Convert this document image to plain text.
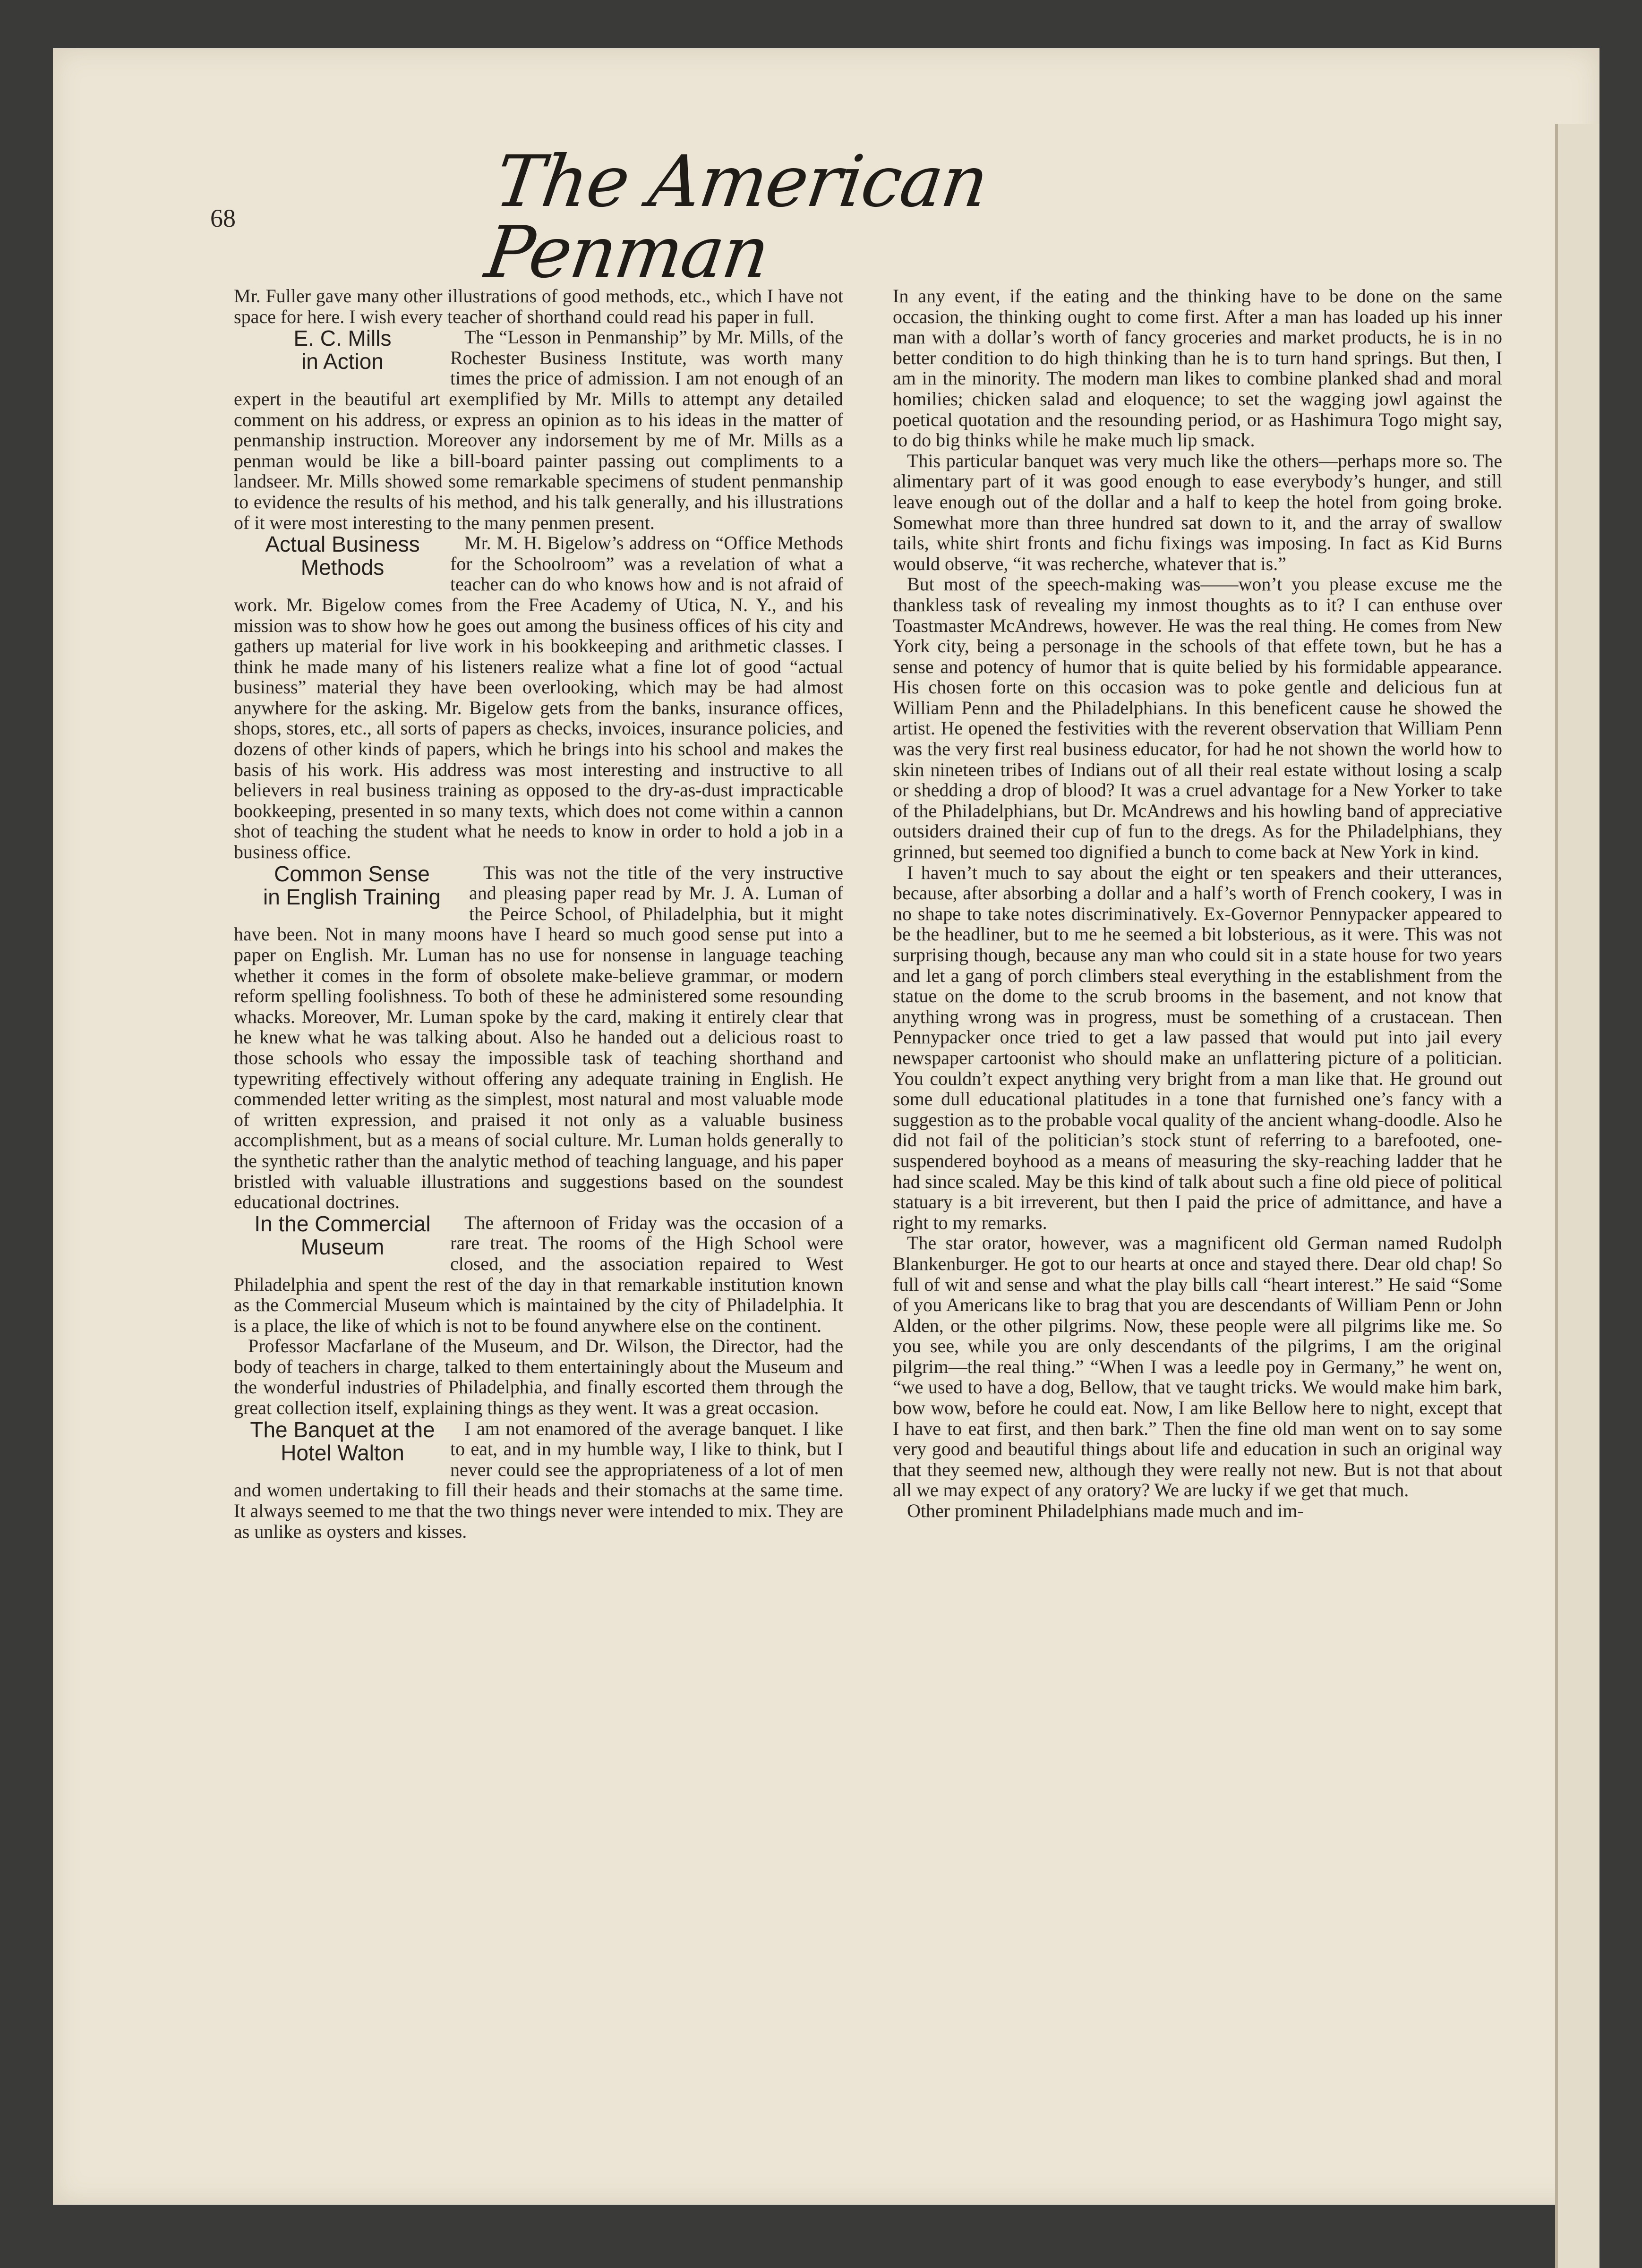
68	The American Penman

Mr. Fuller gave many other illustrations of good methods, etc., which I have not space for here. I wish every teacher of shorthand could read his paper in full.

E. C. Mills
in Action
The “Lesson in Penmanship” by Mr. Mills, of the Rochester Business Institute, was worth many times the price of admission. I am not enough of an expert in the beautiful art exemplified by Mr. Mills to attempt any detailed comment on his address, or express an opinion as to his ideas in the matter of penmanship instruction. Moreover any indorsement by me of Mr. Mills as a penman would be like a bill-board painter passing out compliments to a landseer. Mr. Mills showed some remarkable specimens of student penmanship to evidence the results of his method, and his talk generally, and his illustrations of it were most interesting to the many penmen present.

Actual Business
Methods
Mr. M. H. Bigelow’s address on “Office Methods for the Schoolroom” was a revelation of what a teacher can do who knows how and is not afraid of work. Mr. Bigelow comes from the Free Academy of Utica, N. Y., and his mission was to show how he goes out among the business offices of his city and gathers up material for live work in his bookkeeping and arithmetic classes. I think he made many of his listeners realize what a fine lot of good “actual business” material they have been overlooking, which may be had almost anywhere for the asking. Mr. Bigelow gets from the banks, insurance offices, shops, stores, etc., all sorts of papers as checks, invoices, insurance policies, and dozens of other kinds of papers, which he brings into his school and makes the basis of his work. His address was most interesting and instructive to all believers in real business training as opposed to the dry-as-dust impracticable bookkeeping, presented in so many texts, which does not come within a cannon shot of teaching the student what he needs to know in order to hold a job in a business office.

Common Sense
in English Training
This was not the title of the very instructive and pleasing paper read by Mr. J. A. Luman of the Peirce School, of Philadelphia, but it might have been. Not in many moons have I heard so much good sense put into a paper on English. Mr. Luman has no use for nonsense in language teaching whether it comes in the form of obsolete make-believe grammar, or modern reform spelling foolishness. To both of these he administered some resounding whacks. Moreover, Mr. Luman spoke by the card, making it entirely clear that he knew what he was talking about. Also he handed out a delicious roast to those schools who essay the impossible task of teaching shorthand and typewriting effectively without offering any adequate training in English. He commended letter writing as the simplest, most natural and most valuable mode of written expression, and praised it not only as a valuable business accomplishment, but as a means of social culture. Mr. Luman holds generally to the synthetic rather than the analytic method of teaching language, and his paper bristled with valuable illustrations and suggestions based on the soundest educational doctrines.

In the Commercial
Museum
The afternoon of Friday was the occasion of a rare treat. The rooms of the High School were closed, and the association repaired to West Philadelphia and spent the rest of the day in that remarkable institution known as the Commercial Museum which is maintained by the city of Philadelphia. It is a place, the like of which is not to be found anywhere else on the continent.

Professor Macfarlane of the Museum, and Dr. Wilson, the Director, had the body of teachers in charge, talked to them entertainingly about the Museum and the wonderful industries of Philadelphia, and finally escorted them through the great collection itself, explaining things as they went. It was a great occasion.

The Banquet at the
Hotel Walton
I am not enamored of the average banquet. I like to eat, and in my humble way, I like to think, but I never could see the appropriateness of a lot of men and women undertaking to fill their heads and their stomachs at the same time. It always seemed to me that the two things never were intended to mix. They are as unlike as oysters and kisses.

In any event, if the eating and the thinking have to be done on the same occasion, the thinking ought to come first. After a man has loaded up his inner man with a dollar’s worth of fancy groceries and market products, he is in no better condition to do high thinking than he is to turn hand springs. But then, I am in the minority. The modern man likes to combine planked shad and moral homilies; chicken salad and eloquence; to set the wagging jowl against the poetical quotation and the resounding period, or as Hashimura Togo might say, to do big thinks while he make much lip smack.

This particular banquet was very much like the others—perhaps more so. The alimentary part of it was good enough to ease everybody’s hunger, and still leave enough out of the dollar and a half to keep the hotel from going broke. Somewhat more than three hundred sat down to it, and the array of swallow tails, white shirt fronts and fichu fixings was imposing. In fact as Kid Burns would observe, “it was recherche, whatever that is.”

But most of the speech-making was——won’t you please excuse me the thankless task of revealing my inmost thoughts as to it? I can enthuse over Toastmaster McAndrews, however. He was the real thing. He comes from New York city, being a personage in the schools of that effete town, but he has a sense and potency of humor that is quite belied by his formidable appearance. His chosen forte on this occasion was to poke gentle and delicious fun at William Penn and the Philadelphians. In this beneficent cause he showed the artist. He opened the festivities with the reverent observation that William Penn was the very first real business educator, for had he not shown the world how to skin nineteen tribes of Indians out of all their real estate without losing a scalp or shedding a drop of blood? It was a cruel advantage for a New Yorker to take of the Philadelphians, but Dr. McAndrews and his howling band of appreciative outsiders drained their cup of fun to the dregs. As for the Philadelphians, they grinned, but seemed too dignified a bunch to come back at New York in kind.

I haven’t much to say about the eight or ten speakers and their utterances, because, after absorbing a dollar and a half’s worth of French cookery, I was in no shape to take notes discriminatively. Ex-Governor Pennypacker appeared to be the headliner, but to me he seemed a bit lobsterious, as it were. This was not surprising though, because any man who could sit in a state house for two years and let a gang of porch climbers steal everything in the establishment from the statue on the dome to the scrub brooms in the basement, and not know that anything wrong was in progress, must be something of a crustacean. Then Pennypacker once tried to get a law passed that would put into jail every newspaper cartoonist who should make an unflattering picture of a politician. You couldn’t expect anything very bright from a man like that. He ground out some dull educational platitudes in a tone that furnished one’s fancy with a suggestion as to the probable vocal quality of the ancient whang-doodle. Also he did not fail of the politician’s stock stunt of referring to a barefooted, one-suspendered boyhood as a means of measuring the sky-reaching ladder that he had since scaled. May be this kind of talk about such a fine old piece of political statuary is a bit irreverent, but then I paid the price of admittance, and have a right to my remarks.

The star orator, however, was a magnificent old German named Rudolph Blankenburger. He got to our hearts at once and stayed there. Dear old chap! So full of wit and sense and what the play bills call “heart interest.” He said “Some of you Americans like to brag that you are descendants of William Penn or John Alden, or the other pilgrims. Now, these people were all pilgrims like me. So you see, while you are only descendants of the pilgrims, I am the original pilgrim—the real thing.” “When I was a leedle poy in Germany,” he went on, “we used to have a dog, Bellow, that ve taught tricks. We would make him bark, bow wow, before he could eat. Now, I am like Bellow here to night, except that I have to eat first, and then bark.” Then the fine old man went on to say some very good and beautiful things about life and education in such an original way that they seemed new, although they were really not new. But is not that about all we may expect of any oratory? We are lucky if we get that much.

Other prominent Philadelphians made much and im-
